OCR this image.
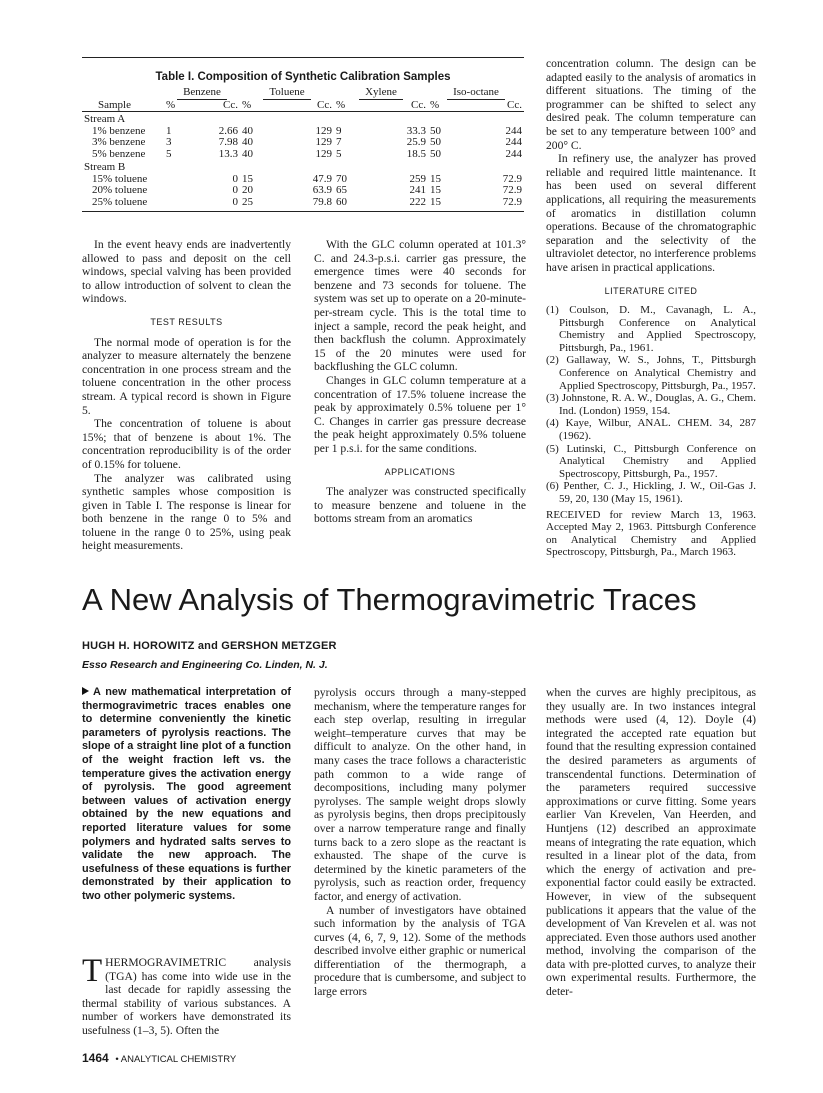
Table I. Composition of Synthetic Calibration Samples
	Benzene		Toluene		Xylene		Iso-octane	
Sample	%	Cc.	%	Cc.	%	Cc.	%	Cc.
Stream A								
1% benzene	1	2.66	40	129	9	33.3	50	244
3% benzene	3	7.98	40	129	7	25.9	50	244
5% benzene	5	13.3	40	129	5	18.5	50	244
Stream B								
15% toluene		0	15	47.9	70	259	15	72.9
20% toluene		0	20	63.9	65	241	15	72.9
25% toluene		0	25	79.8	60	222	15	72.9

In the event heavy ends are inadvertently allowed to pass and deposit on the cell windows, special valving has been provided to allow introduction of solvent to clean the windows.

TEST RESULTS

The normal mode of operation is for the analyzer to measure alternately the benzene concentration in one process stream and the toluene concentration in the other process stream. A typical record is shown in Figure 5.

The concentration of toluene is about 15%; that of benzene is about 1%. The concentration reproducibility is of the order of 0.15% for toluene.

The analyzer was calibrated using synthetic samples whose composition is given in Table I. The response is linear for both benzene in the range 0 to 5% and toluene in the range 0 to 25%, using peak height measurements.

With the GLC column operated at 101.3° C. and 24.3-p.s.i. carrier gas pressure, the emergence times were 40 seconds for benzene and 73 seconds for toluene. The system was set up to operate on a 20-minute-per-stream cycle. This is the total time to inject a sample, record the peak height, and then backflush the column. Approximately 15 of the 20 minutes were used for backflushing the GLC column.

Changes in GLC column temperature at a concentration of 17.5% toluene increase the peak by approximately 0.5% toluene per 1° C. Changes in carrier gas pressure decrease the peak height approximately 0.5% toluene per 1 p.s.i. for the same conditions.

APPLICATIONS

The analyzer was constructed specifically to measure benzene and toluene in the bottoms stream from an aromatics

concentration column. The design can be adapted easily to the analysis of aromatics in different situations. The timing of the programmer can be shifted to select any desired peak. The column temperature can be set to any temperature between 100° and 200° C.

In refinery use, the analyzer has proved reliable and required little maintenance. It has been used on several different applications, all requiring the measurements of aromatics in distillation column operations. Because of the chromatographic separation and the selectivity of the ultraviolet detector, no interference problems have arisen in practical applications.

LITERATURE CITED

(1) Coulson, D. M., Cavanagh, L. A., Pittsburgh Conference on Analytical Chemistry and Applied Spectroscopy, Pittsburgh, Pa., 1961.

(2) Gallaway, W. S., Johns, T., Pittsburgh Conference on Analytical Chemistry and Applied Spectroscopy, Pittsburgh, Pa., 1957.

(3) Johnstone, R. A. W., Douglas, A. G., Chem. Ind. (London) 1959, 154.

(4) Kaye, Wilbur, ANAL. CHEM. 34, 287 (1962).

(5) Lutinski, C., Pittsburgh Conference on Analytical Chemistry and Applied Spectroscopy, Pittsburgh, Pa., 1957.

(6) Penther, C. J., Hickling, J. W., Oil-Gas J. 59, 20, 130 (May 15, 1961).

RECEIVED for review March 13, 1963. Accepted May 2, 1963. Pittsburgh Conference on Analytical Chemistry and Applied Spectroscopy, Pittsburgh, Pa., March 1963.

A New Analysis of Thermogravimetric Traces
HUGH H. HOROWITZ and GERSHON METZGER
Esso Research and Engineering Co. Linden, N. J.
A new mathematical interpretation of thermogravimetric traces enables one to determine conveniently the kinetic parameters of pyrolysis reactions. The slope of a straight line plot of a function of the weight fraction left vs. the temperature gives the activation energy of pyrolysis. The good agreement between values of activation energy obtained by the new equations and reported literature values for some polymers and hydrated salts serves to validate the new approach. The usefulness of these equations is further demonstrated by their application to two other polymeric systems.
THERMOGRAVIMETRIC analysis (TGA) has come into wide use in the last decade for rapidly assessing the thermal stability of various substances. A number of workers have demonstrated its usefulness (1–3, 5). Often the

pyrolysis occurs through a many-stepped mechanism, where the temperature ranges for each step overlap, resulting in irregular weight–temperature curves that may be difficult to analyze. On the other hand, in many cases the trace follows a characteristic path common to a wide range of decompositions, including many polymer pyrolyses. The sample weight drops slowly as pyrolysis begins, then drops precipitously over a narrow temperature range and finally turns back to a zero slope as the reactant is exhausted. The shape of the curve is determined by the kinetic parameters of the pyrolysis, such as reaction order, frequency factor, and energy of activation.

A number of investigators have obtained such information by the analysis of TGA curves (4, 6, 7, 9, 12). Some of the methods described involve either graphic or numerical differentiation of the thermograph, a procedure that is cumbersome, and subject to large errors

when the curves are highly precipitous, as they usually are. In two instances integral methods were used (4, 12). Doyle (4) integrated the accepted rate equation but found that the resulting expression contained the desired parameters as arguments of transcendental functions. Determination of the parameters required successive approximations or curve fitting. Some years earlier Van Krevelen, Van Heerden, and Huntjens (12) described an approximate means of integrating the rate equation, which resulted in a linear plot of the data, from which the energy of activation and pre-exponential factor could easily be extracted. However, in view of the subsequent publications it appears that the value of the development of Van Krevelen et al. was not appreciated. Even those authors used another method, involving the comparison of the data with pre-plotted curves, to analyze their own experimental results. Furthermore, the deter-

1464 • ANALYTICAL CHEMISTRY
